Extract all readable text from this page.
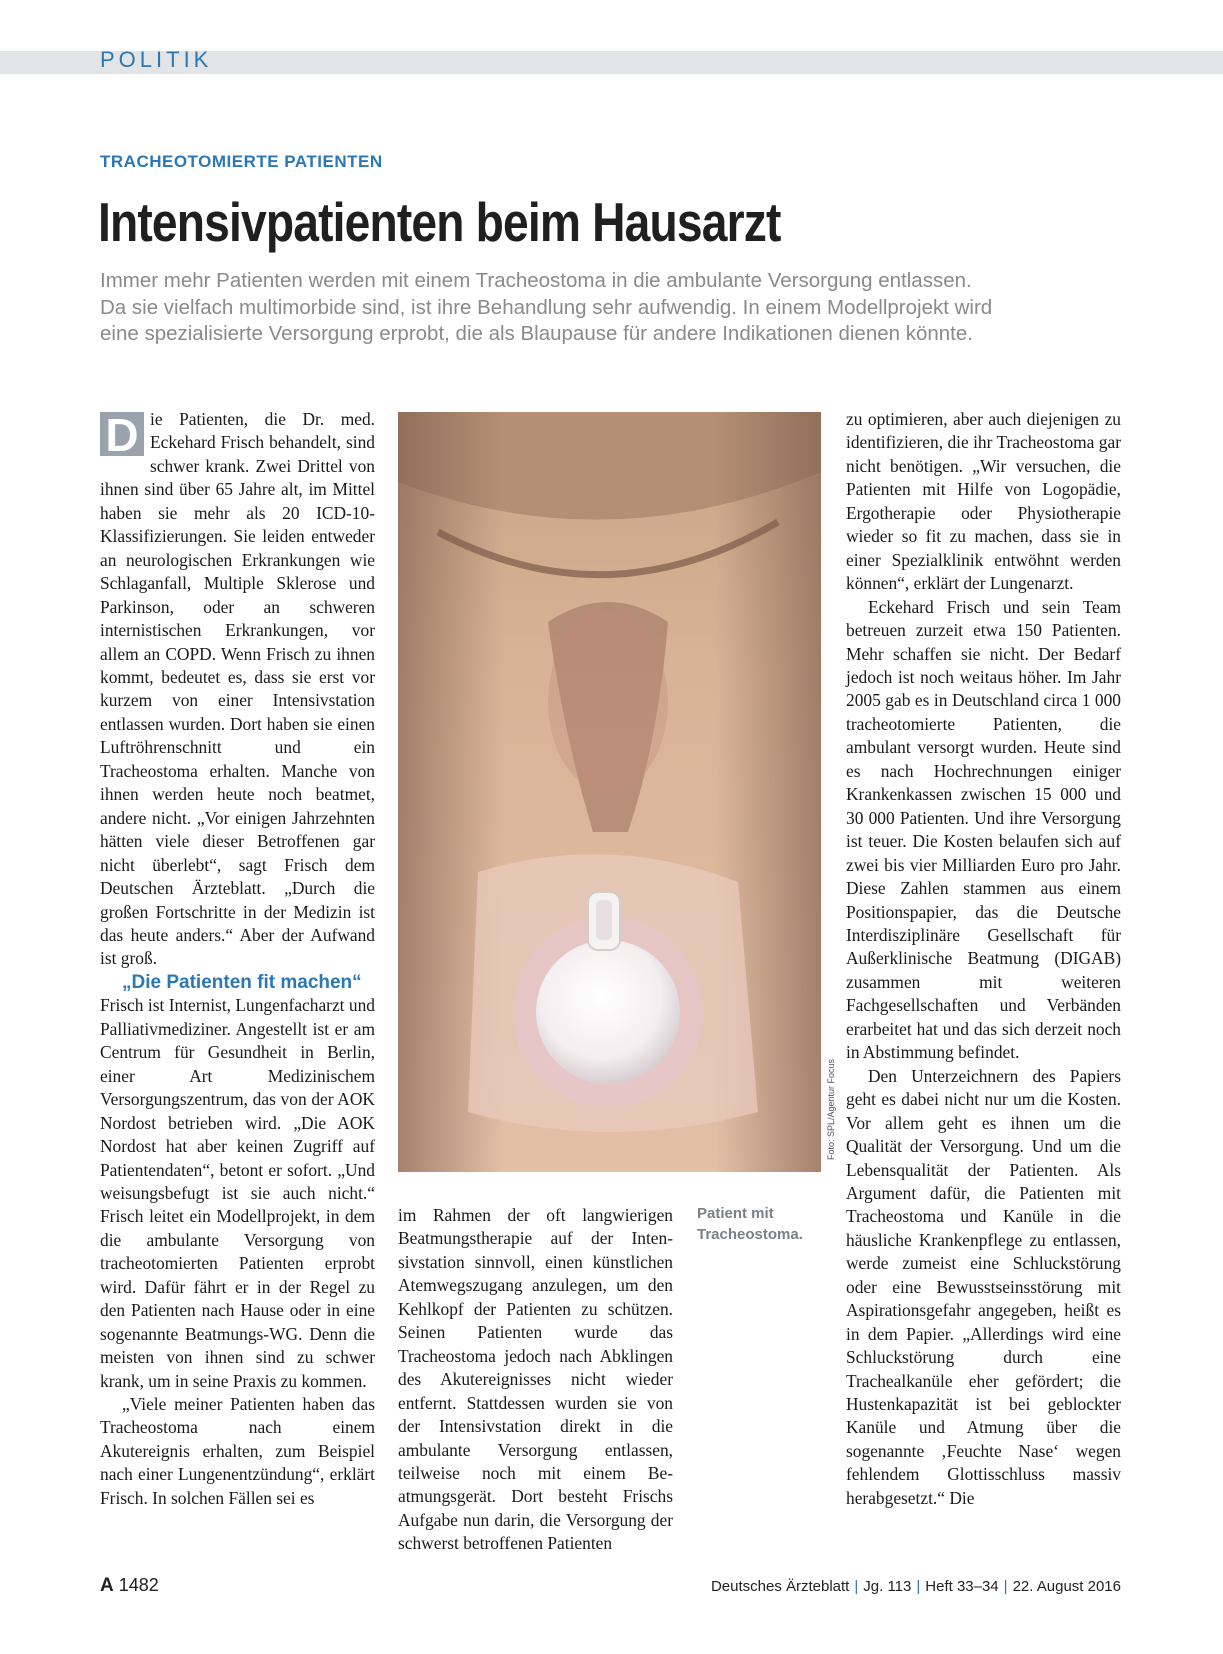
POLITIK
TRACHEOTOMIERTE PATIENTEN
Intensivpatienten beim Hausarzt

Immer mehr Patienten werden mit einem Tracheostoma in die ambulante Versorgung entlassen.

Da sie vielfach multimorbide sind, ist ihre Behandlung sehr aufwendig. In einem Modellprojekt wird

eine spezialisierte Versorgung erprobt, die als Blaupause für andere Indikationen dienen könnte.

D ie Patienten, die Dr. med. Eckehard Frisch behandelt, sind schwer krank. Zwei Drittel von ihnen sind über 65 Jahre alt, im Mittel haben sie mehr als 20 ICD-10-Klassifizierungen. Sie leiden entweder an neurologischen Erkrankungen wie Schlaganfall, Multiple Sklerose und Parkinson, oder an schweren internistischen Erkrankungen, vor allem an COPD. Wenn Frisch zu ihnen kommt, bedeutet es, dass sie erst vor kurzem von einer Intensivstation entlassen wurden. Dort haben sie einen Luftröhrenschnitt und ein Tracheostoma erhalten. Manche von ihnen werden heute noch beatmet, andere nicht. „Vor einigen Jahrzehnten hätten viele dieser Betroffenen gar nicht überlebt“, sagt Frisch dem Deutschen Ärzteblatt. „Durch die großen Fortschritte in der Medizin ist das heute anders.“ Aber der Aufwand ist groß.

„Die Patienten fit machen“

Frisch ist Internist, Lungenfacharzt und Palliativmediziner. Angestellt ist er am Centrum für Gesundheit in Berlin, einer Art Medizinischem Versorgungszentrum, das von der AOK Nordost betrieben wird. „Die AOK Nordost hat aber keinen Zugriff auf Patientendaten“, betont er sofort. „Und weisungsbefugt ist sie auch nicht.“ Frisch leitet ein Modellprojekt, in dem die ambulante Versorgung von tracheotomierten Patienten erprobt wird. Dafür fährt er in der Regel zu den Patienten nach Hause oder in eine sogenannte Beatmungs-WG. Denn die meisten von ihnen sind zu schwer krank, um in seine Praxis zu kommen.

„Viele meiner Patienten haben das Tracheostoma nach einem Akutereignis erhalten, zum Beispiel nach einer Lungenentzündung“, erklärt Frisch. In solchen Fällen sei es

Foto: SPL/Agentur Focus
Patient mit
Tracheostoma.

im Rahmen der oft langwierigen Beatmungstherapie auf der Intensivstation sinnvoll, einen künstlichen Atemwegszugang anzulegen, um den Kehlkopf der Patienten zu schützen. Seinen Patienten wurde das Tracheostoma jedoch nach Abklingen des Akutereignisses nicht wieder entfernt. Stattdessen wurden sie von der Intensivstation direkt in die ambulante Versorgung entlassen, teilweise noch mit einem Beatmungsgerät. Dort besteht Frischs Aufgabe nun darin, die Versorgung der schwerst betroffenen Patienten

zu optimieren, aber auch diejenigen zu identifizieren, die ihr Tracheostoma gar nicht benötigen. „Wir versuchen, die Patienten mit Hilfe von Logopädie, Ergotherapie oder Physiotherapie wieder so fit zu machen, dass sie in einer Spezialklinik entwöhnt werden können“, erklärt der Lungenarzt.

Eckehard Frisch und sein Team betreuen zurzeit etwa 150 Patienten. Mehr schaffen sie nicht. Der Bedarf jedoch ist noch weitaus höher. Im Jahr 2005 gab es in Deutschland circa 1 000 tracheotomierte Patienten, die ambulant versorgt wurden. Heute sind es nach Hochrechnungen einiger Krankenkassen zwischen 15 000 und 30 000 Patienten. Und ihre Versorgung ist teuer. Die Kosten belaufen sich auf zwei bis vier Milliarden Euro pro Jahr. Diese Zahlen stammen aus einem Positionspapier, das die Deutsche Interdisziplinäre Gesellschaft für Außerklinische Beatmung (DIGAB) zusammen mit weiteren Fachgesellschaften und Verbänden erarbeitet hat und das sich derzeit noch in Abstimmung befindet.

Den Unterzeichnern des Papiers geht es dabei nicht nur um die Kosten. Vor allem geht es ihnen um die Qualität der Versorgung. Und um die Lebensqualität der Patienten. Als Argument dafür, die Patienten mit Tracheostoma und Kanüle in die häusliche Krankenpflege zu entlassen, werde zumeist eine Schluckstörung oder eine Bewusstseinsstörung mit Aspirationsgefahr angegeben, heißt es in dem Papier. „Allerdings wird eine Schluckstörung durch eine Trachealkanüle eher gefördert; die Hustenkapazität ist bei geblockter Kanüle und Atmung über die sogenannte ‚Feuchte Nase‘ wegen fehlendem Glottisschluss massiv herabgesetzt.“ Die

A 1482	Deutsches Ärzteblatt | Jg. 113 | Heft 33–34 | 22. August 2016
